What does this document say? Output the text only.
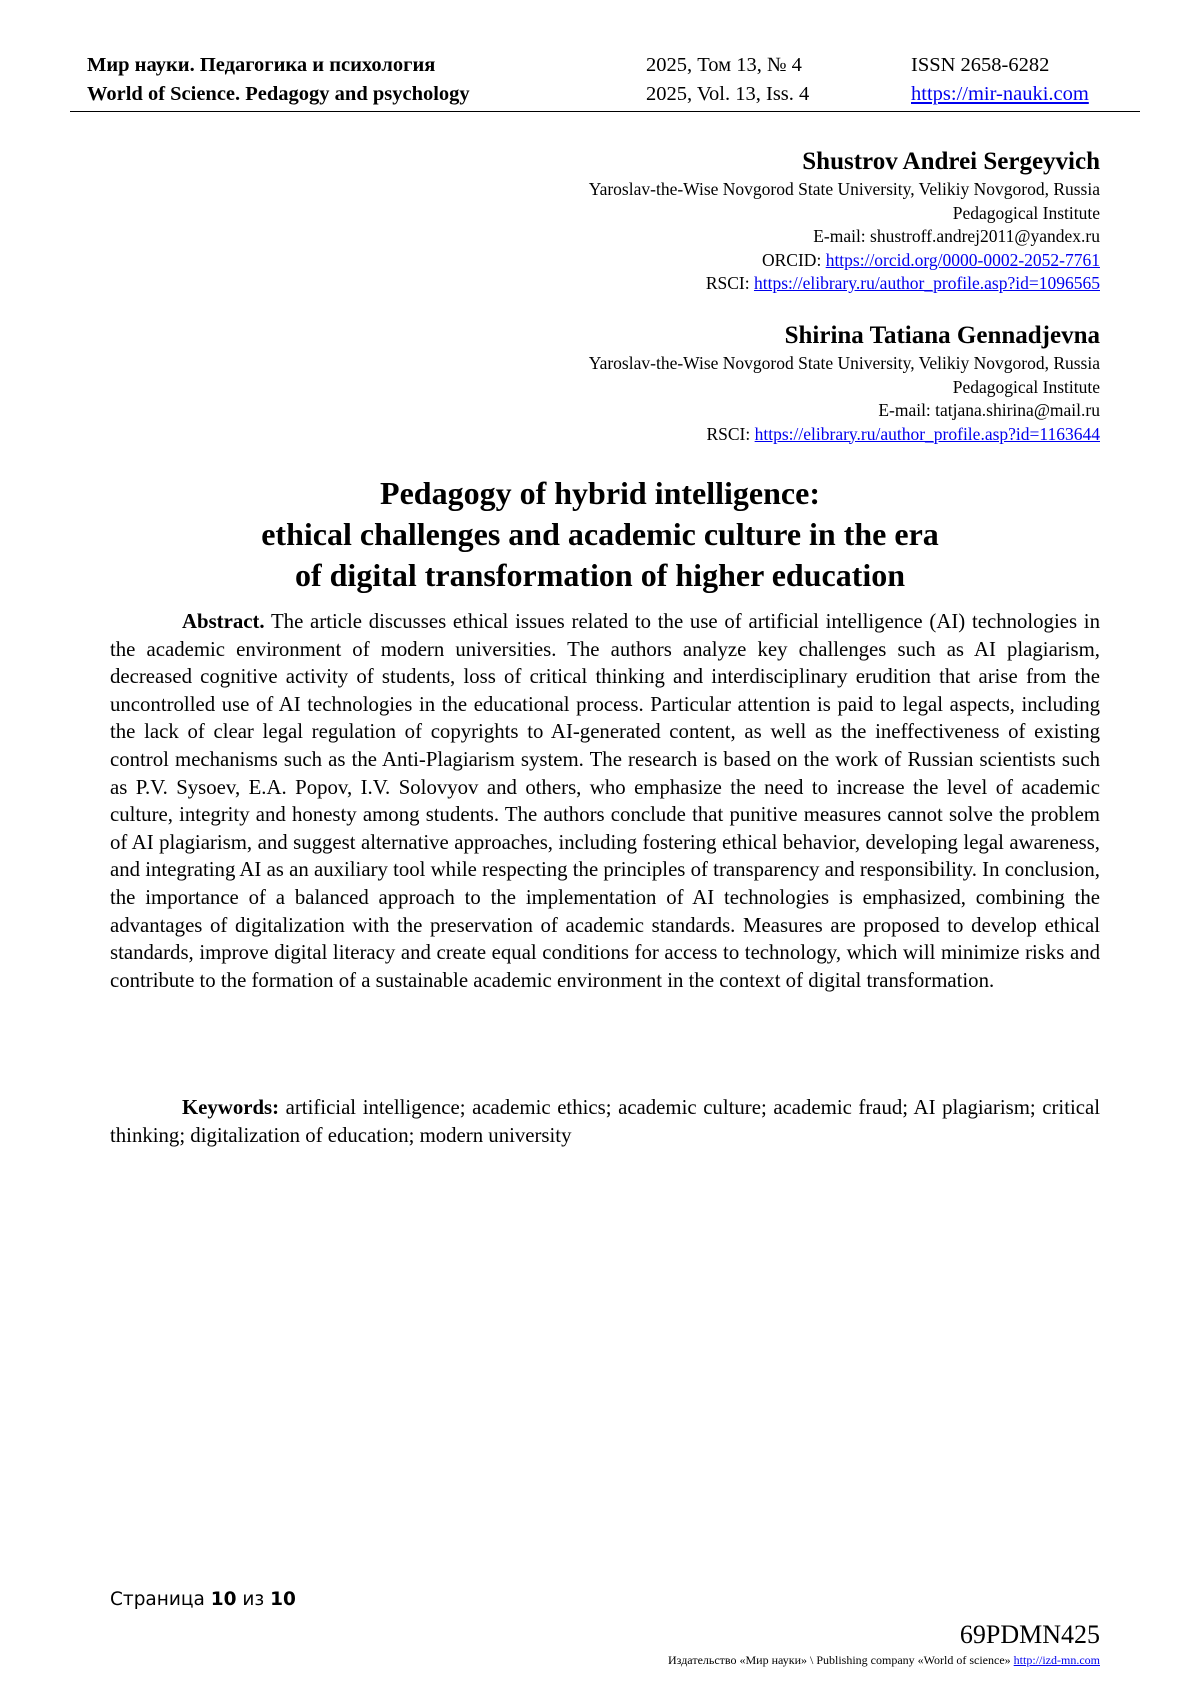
Мир науки. Педагогика и психология	2025, Том 13, № 4	ISSN 2658-6282
World of Science. Pedagogy and psychology	2025, Vol. 13, Iss. 4	https://mir-nauki.com
Shustrov Andrei Sergeyvich
Yaroslav-the-Wise Novgorod State University, Velikiy Novgorod, Russia
Pedagogical Institute
E-mail: shustroff.andrej2011@yandex.ru
ORCID: https://orcid.org/0000-0002-2052-7761
RSCI: https://elibrary.ru/author_profile.asp?id=1096565
Shirina Tatiana Gennadjevna
Yaroslav-the-Wise Novgorod State University, Velikiy Novgorod, Russia
Pedagogical Institute
E-mail: tatjana.shirina@mail.ru
RSCI: https://elibrary.ru/author_profile.asp?id=1163644
Pedagogy of hybrid intelligence:
ethical challenges and academic culture in the era
of digital transformation of higher education

Abstract. The article discusses ethical issues related to the use of artificial intelligence (AI) technologies in the academic environment of modern universities. The authors analyze key challenges such as AI plagiarism, decreased cognitive activity of students, loss of critical thinking and interdisciplinary erudition that arise from the uncontrolled use of AI technologies in the educational process. Particular attention is paid to legal aspects, including the lack of clear legal regulation of copyrights to AI-generated content, as well as the ineffectiveness of existing control mechanisms such as the Anti-Plagiarism system. The research is based on the work of Russian scientists such as P.V. Sysoev, E.A. Popov, I.V. Solovyov and others, who emphasize the need to increase the level of academic culture, integrity and honesty among students. The authors conclude that punitive measures cannot solve the problem of AI plagiarism, and suggest alternative approaches, including fostering ethical behavior, developing legal awareness, and integrating AI as an auxiliary tool while respecting the principles of transparency and responsibility. In conclusion, the importance of a balanced approach to the implementation of AI technologies is emphasized, combining the advantages of digitalization with the preservation of academic standards. Measures are proposed to develop ethical standards, improve digital literacy and create equal conditions for access to technology, which will minimize risks and contribute to the formation of a sustainable academic environment in the context of digital transformation.

Keywords: artificial intelligence; academic ethics; academic culture; academic fraud; AI plagiarism; critical thinking; digitalization of education; modern university

Страница 10 из 10
69PDMN425
Издательство «Мир науки» \ Publishing company «World of science» http://izd-mn.com
